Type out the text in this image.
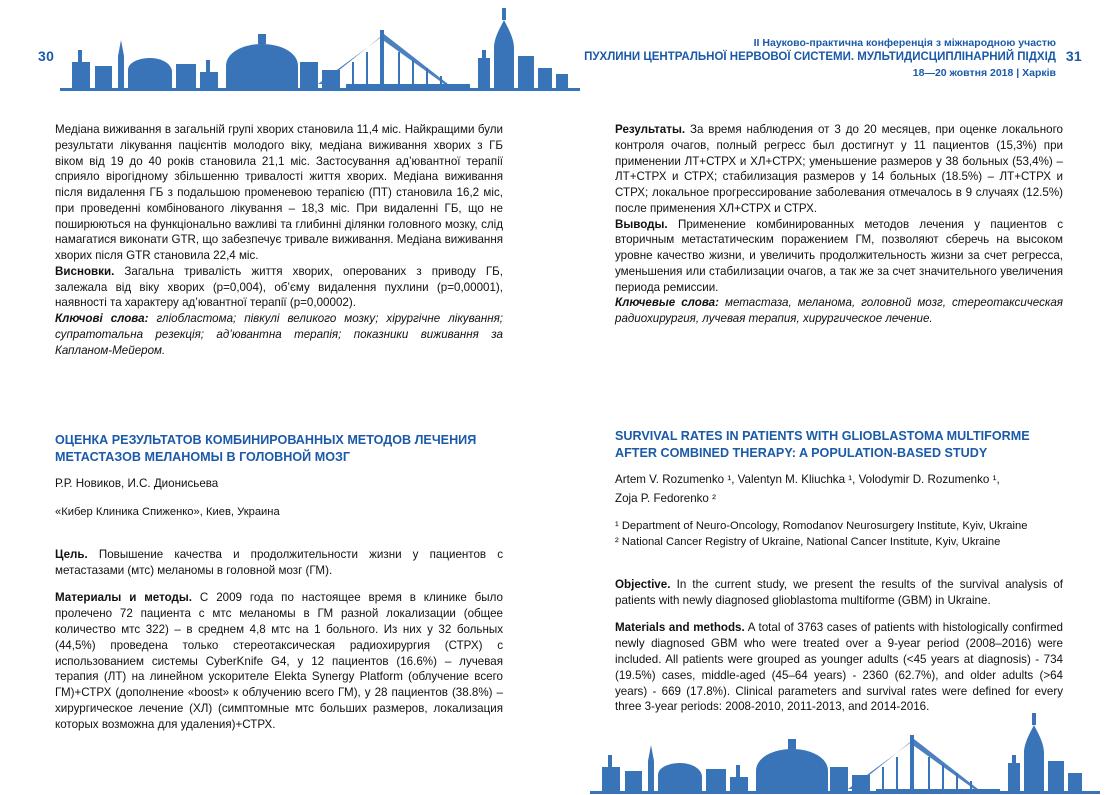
30	31
II Науково-практична конференція з міжнародною участю
ПУХЛИНИ ЦЕНТРАЛЬНОЇ НЕРВОВОЇ СИСТЕМИ. МУЛЬТИДИСЦИПЛІНАРНИЙ ПІДХІД
18—20 жовтня 2018 | Харків

Медіана виживання в загальній групі хворих становила 11,4 міс. Найкращими були результати лікування пацієнтів молодого віку, медіана виживання хворих з ГБ віком від 19 до 40 років становила 21,1 міс. Застосування ад’ювантної терапії сприяло вірогідному збільшенню тривалості життя хворих. Медіана виживання після видалення ГБ з подальшою променевою терапією (ПТ) становила 16,2 міс, при проведенні комбінованого лікування – 18,3 міс. При видаленні ГБ, що не поширюються на функціонально важливі та глибинні ділянки головного мозку, слід намагатися виконати GTR, що забезпечує тривале виживання. Медіана виживання хворих після GTR становила 22,4 міс.

Висновки. Загальна тривалість життя хворих, оперованих з приводу ГБ, залежала від віку хворих (р=0,004), об’єму видалення пухлини (р=0,00001), наявності та характеру ад’ювантної терапії (р=0,00002).

Ключові слова: гліобластома; півкулі великого мозку; хірургічне лікування; супратотальна резекція; ад’ювантна терапія; показники виживання за Капланом-Мейером.

Результаты. За время наблюдения от 3 до 20 месяцев, при оценке локального контроля очагов, полный регресс был достигнут у 11 пациентов (15,3%) при применении ЛТ+СТРХ и ХЛ+СТРХ; уменьшение размеров у 38 больных (53,4%) – ЛТ+СТРХ и СТРХ; стабилизация размеров у 14 больных (18.5%) – ЛТ+СТРХ и СТРХ; локальное прогрессирование заболевания отмечалось в 9 случаях (12.5%) после применения ХЛ+СТРХ и СТРХ.

Выводы. Применение комбинированных методов лечения у пациентов с вторичным метастатическим поражением ГМ, позволяют сберечь на высоком уровне качество жизни, и увеличить продолжительность жизни за счет регресса, уменьшения или стабилизации очагов, а так же за счет значительного увеличения периода ремиссии.

Ключевые слова: метастаза, меланома, головной мозг, стереотаксическая радиохирургия, лучевая терапия, хирургическое лечение.

ОЦЕНКА РЕЗУЛЬТАТОВ КОМБИНИРОВАННЫХ МЕТОДОВ ЛЕЧЕНИЯ МЕТАСТАЗОВ МЕЛАНОМЫ В ГОЛОВНОЙ МОЗГ
Р.Р. Новиков, И.С. Дионисьева
«Кибер Клиника Спиженко», Киев, Украина

Цель. Повышение качества и продолжительности жизни у пациентов с метастазами (мтс) меланомы в головной мозг (ГМ).

Материалы и методы. С 2009 года по настоящее время в клинике было пролечено 72 пациента с мтс меланомы в ГМ разной локализации (общее количество мтс 322) – в среднем 4,8 мтс на 1 больного. Из них у 32 больных (44,5%) проведена только стереотаксическая радиохирургия (СТРХ) с использованием системы CyberKnife G4, у 12 пациентов (16.6%) – лучевая терапия (ЛТ) на линейном ускорителе Elekta Synergy Platform (облучение всего ГМ)+СТРХ (дополнение «boost» к облучению всего ГМ), у 28 пациентов (38.8%) – хирургическое лечение (ХЛ) (симптомные мтс больших размеров, локализация которых возможна для удаления)+СТРХ.

SURVIVAL RATES IN PATIENTS WITH GLIOBLASTOMA MULTIFORME AFTER COMBINED THERAPY: A POPULATION-BASED STUDY
Artem V. Rozumenko ¹, Valentyn M. Kliuchka ¹, Volodymir D. Rozumenko ¹,
Zoja P. Fedorenko ²
¹ Department of Neuro-Oncology, Romodanov Neurosurgery Institute, Kyiv, Ukraine
² National Cancer Registry of Ukraine, National Cancer Institute, Kyiv, Ukraine

Objective. In the current study, we present the results of the survival analysis of patients with newly diagnosed glioblastoma multiforme (GBM) in Ukraine.

Materials and methods. A total of 3763 cases of patients with histologically confirmed newly diagnosed GBM who were treated over a 9-year period (2008–2016) were included. All patients were grouped as younger adults (<45 years at diagnosis) - 734 (19.5%) cases, middle-aged (45–64 years) - 2360 (62.7%), and older adults (>64 years) - 669 (17.8%). Clinical parameters and survival rates were defined for every three 3-year periods: 2008-2010, 2011-2013, and 2014-2016.
